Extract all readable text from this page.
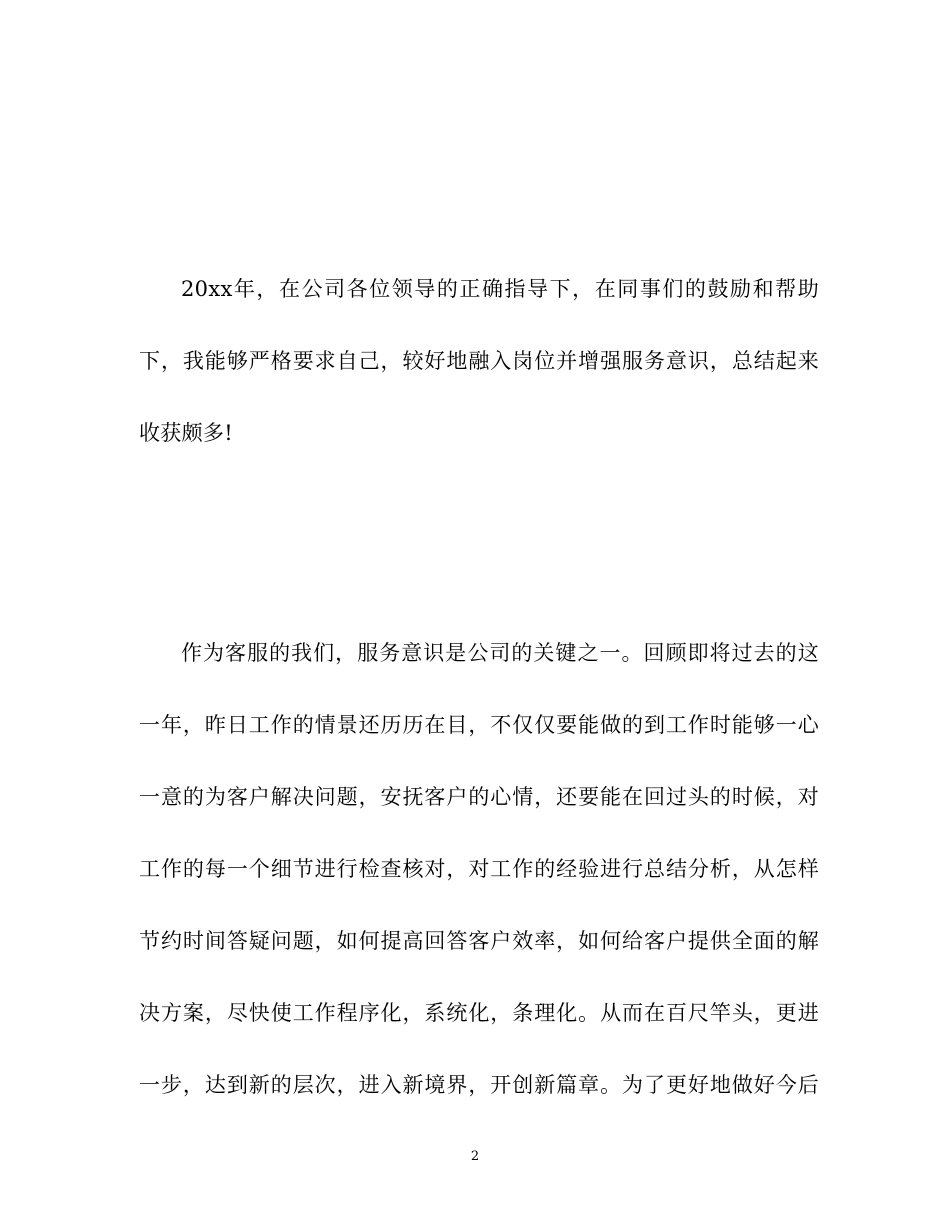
20xx年，在公司各位领导的正确指导下，在同事们的鼓励和帮助
下，我能够严格要求自己，较好地融入岗位并增强服务意识，总结起来
收获颇多!
作为客服的我们，服务意识是公司的关键之一。回顾即将过去的这
一年，昨日工作的情景还历历在目，不仅仅要能做的到工作时能够一心
一意的为客户解决问题，安抚客户的心情，还要能在回过头的时候，对
工作的每一个细节进行检查核对，对工作的经验进行总结分析，从怎样
节约时间答疑问题，如何提高回答客户效率，如何给客户提供全面的解
决方案，尽快使工作程序化，系统化，条理化。从而在百尺竿头，更进
一步，达到新的层次，进入新境界，开创新篇章。为了更好地做好今后
2
